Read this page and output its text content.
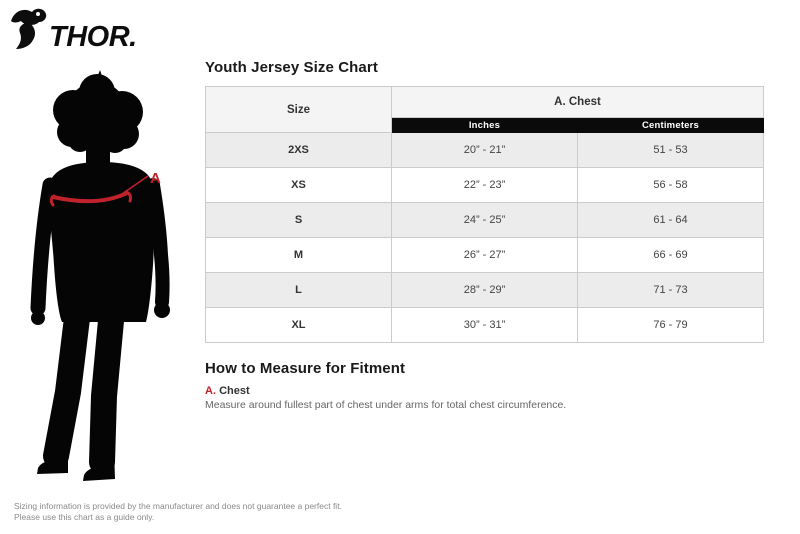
THOR.
A
Youth Jersey Size Chart
Size	A. Chest	
	Inches	Centimeters
2XS	20” - 21”	51 - 53
XS	22” - 23”	56 - 58
S	24” - 25”	61 - 64
M	26” - 27”	66 - 69
L	28” - 29”	71 - 73
XL	30” - 31”	76 - 79
How to Measure for Fitment
A. Chest
Measure around fullest part of chest under arms for total chest circumference.
Sizing information is provided by the manufacturer and does not guarantee a perfect fit.
Please use this chart as a guide only.
